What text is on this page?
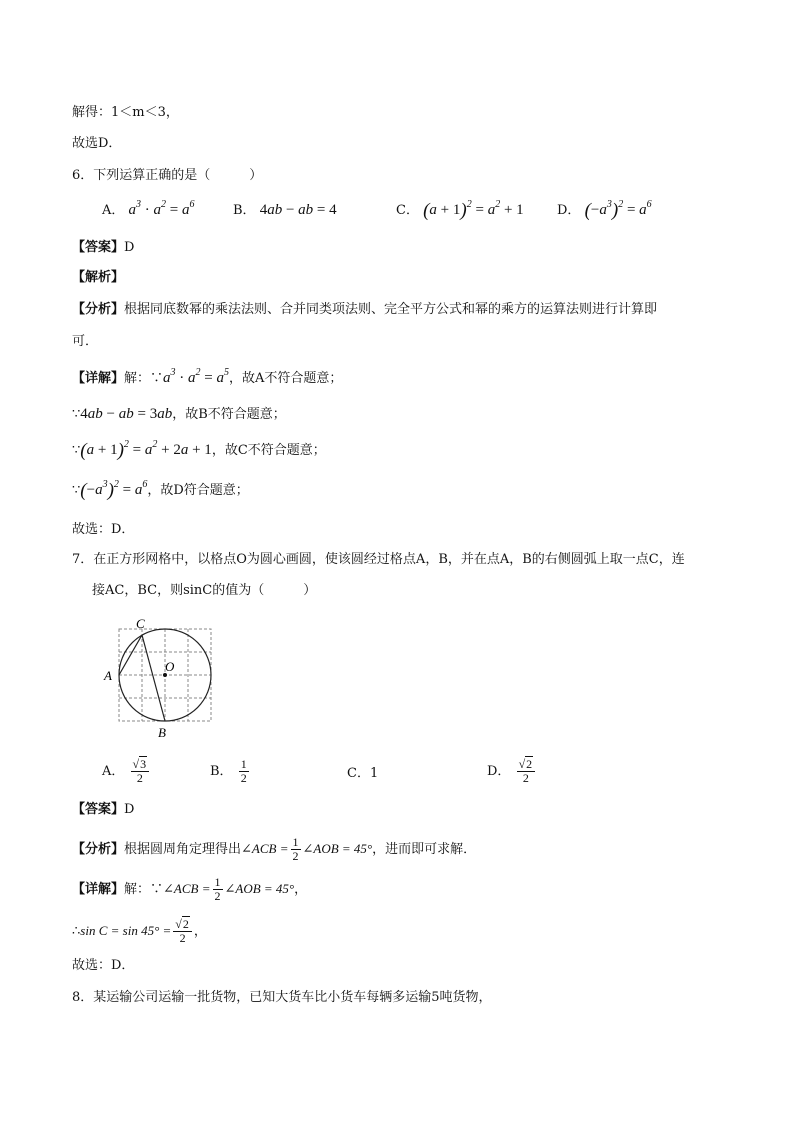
解得：1＜m＜3，
故选D．
6．下列运算正确的是（　　　）
A． $a^3 \cdot a^2 = a^6$	B． 4ab − ab = 4	C． $(a + 1)^2 = a^2 + 1$	D． $(-a^3)^2 = a^6$
【答案】D
【解析】
【分析】根据同底数幂的乘法法则、合并同类项法则、完全平方公式和幂的乘方的运算法则进行计算即
可．
【详解】解：$\because a^3 \cdot a^2 = a^5$，故A不符合题意；
∵4ab − ab = 3ab，故B不符合题意；
∵(a + $1)^2 = a^2 + 2a + 1$，故C不符合题意；
$\because(-a^3)^2 = a^6$，故D符合题意；
故选：D．
7．在正方形网格中，以格点O为圆心画圆，使该圆经过格点A，B，并在点A，B的右侧圆弧上取一点C，连
接AC，BC，则sinC的值为（　　　）
C
A
O
B
A． $\frac{√3}{2}$	B． $\frac{1}{2}$	C．1	D． $\frac{√2}{2}$
【答案】D
【分析】根据圆周角定理得出∠ACB = $\frac{1}{2}$ ∠AOB = 45°，进而即可求解．
【详解】解：∵∠ACB = $\frac{1}{2}$ ∠AOB = 45°，
∴sin $C = \sin 45^\circ = \frac{√2}{2}$ ，
故选：D．
8．某运输公司运输一批货物，已知大货车比小货车每辆多运输5吨货物，
